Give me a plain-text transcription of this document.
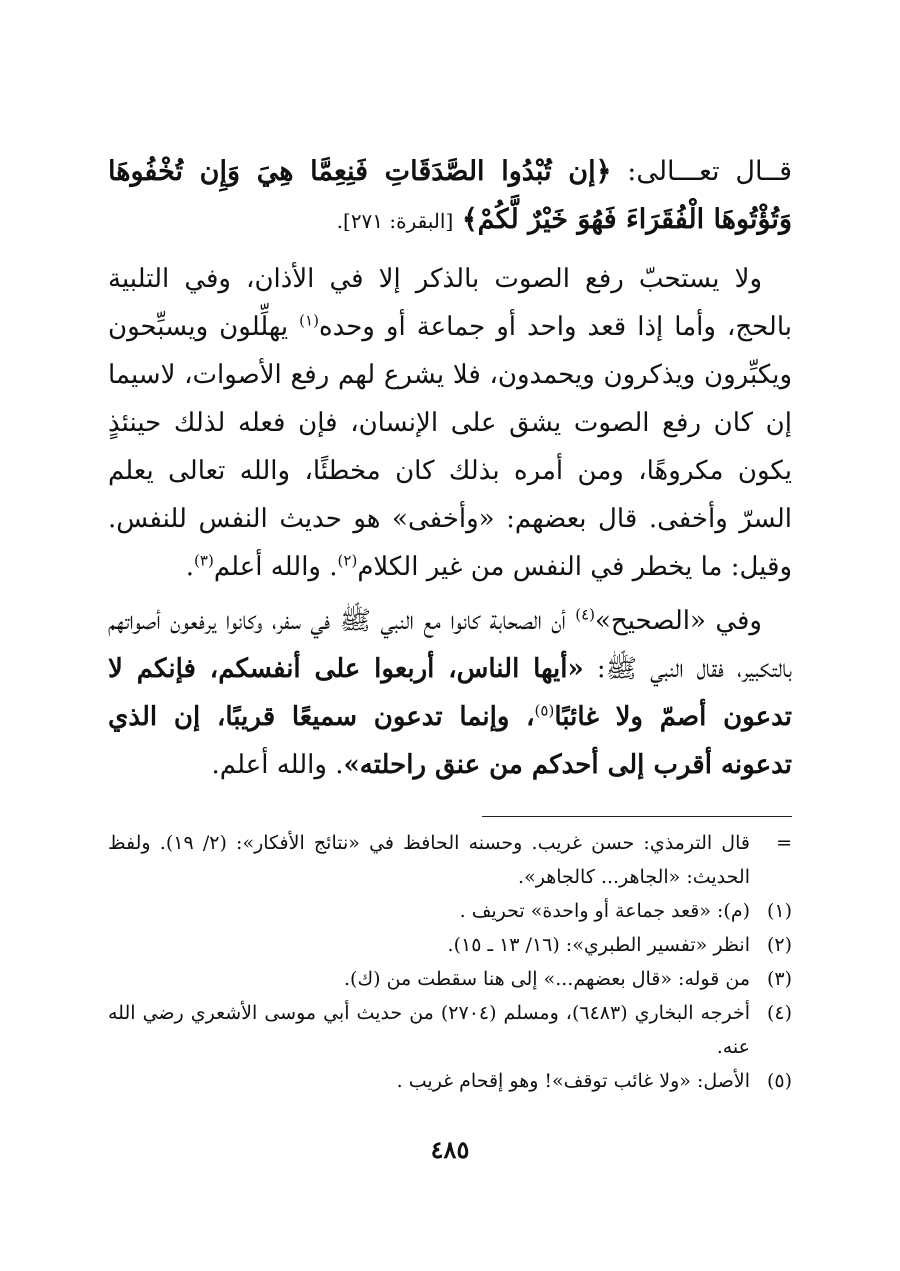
قــال تعـــالى: ﴿إن تُبْدُوا الصَّدَقَاتِ فَنِعِمَّا هِيَ وَإِن تُخْفُوهَا وَتُؤْتُوهَا الْفُقَرَاءَ فَهُوَ خَيْرٌ لَّكُمْ﴾ [البقرة: ٢٧١].

ولا يستحبّ رفع الصوت بالذكر إلا في الأذان، وفي التلبية بالحج، وأما إذا قعد واحد أو جماعة أو وحده$^{(١)}$ يهلِّلون ويسبِّحون ويكبِّرون ويذكرون ويحمدون، فلا يشرع لهم رفع الأصوات، لاسيما إن كان رفع الصوت يشق على الإنسان، فإن فعله لذلك حينئذٍ يكون مكروهًا، ومن أمره بذلك كان مخطئًا، والله تعالى يعلم السرّ وأخفى. قال بعضهم: «وأخفى» هو حديث النفس للنفس. وقيل: ما يخطر في النفس من غير الكلام$^{(٢)}$. والله أعلم$^{(٣)}$.

وفي «الصحيح»$^{(٤)}$ أن الصحابة كانوا مع النبي ﷺ في سفر، وكانوا يرفعون أصواتهم بالتكبير، فقال النبي ﷺ: «أيها الناس، أربعوا على أنفسكم، فإنكم لا تدعون أصمّ ولا غائبًا$^{(٥)}$، وإنما تدعون سميعًا قريبًا، إن الذي تدعونه أقرب إلى أحدكم من عنق راحلته». والله أعلم.

=
قال الترمذي: حسن غريب. وحسنه الحافظ في «نتائج الأفكار»: (٢/ ١٩). ولفظ الحديث: «الجاهر... كالجاهر».
(١)
(م): «قعد جماعة أو واحدة» تحريف .
(٢)
انظر «تفسير الطبري»: (١٦/ ١٣ ـ ١٥).
(٣)
من قوله: «قال بعضهم...» إلى هنا سقطت من (ك).
(٤)
أخرجه البخاري (٦٤٨٣)، ومسلم (٢٧٠٤) من حديث أبي موسى الأشعري رضي الله عنه.
(٥)
الأصل: «ولا غائب توقف»! وهو إقحام غريب .
٤٨٥
